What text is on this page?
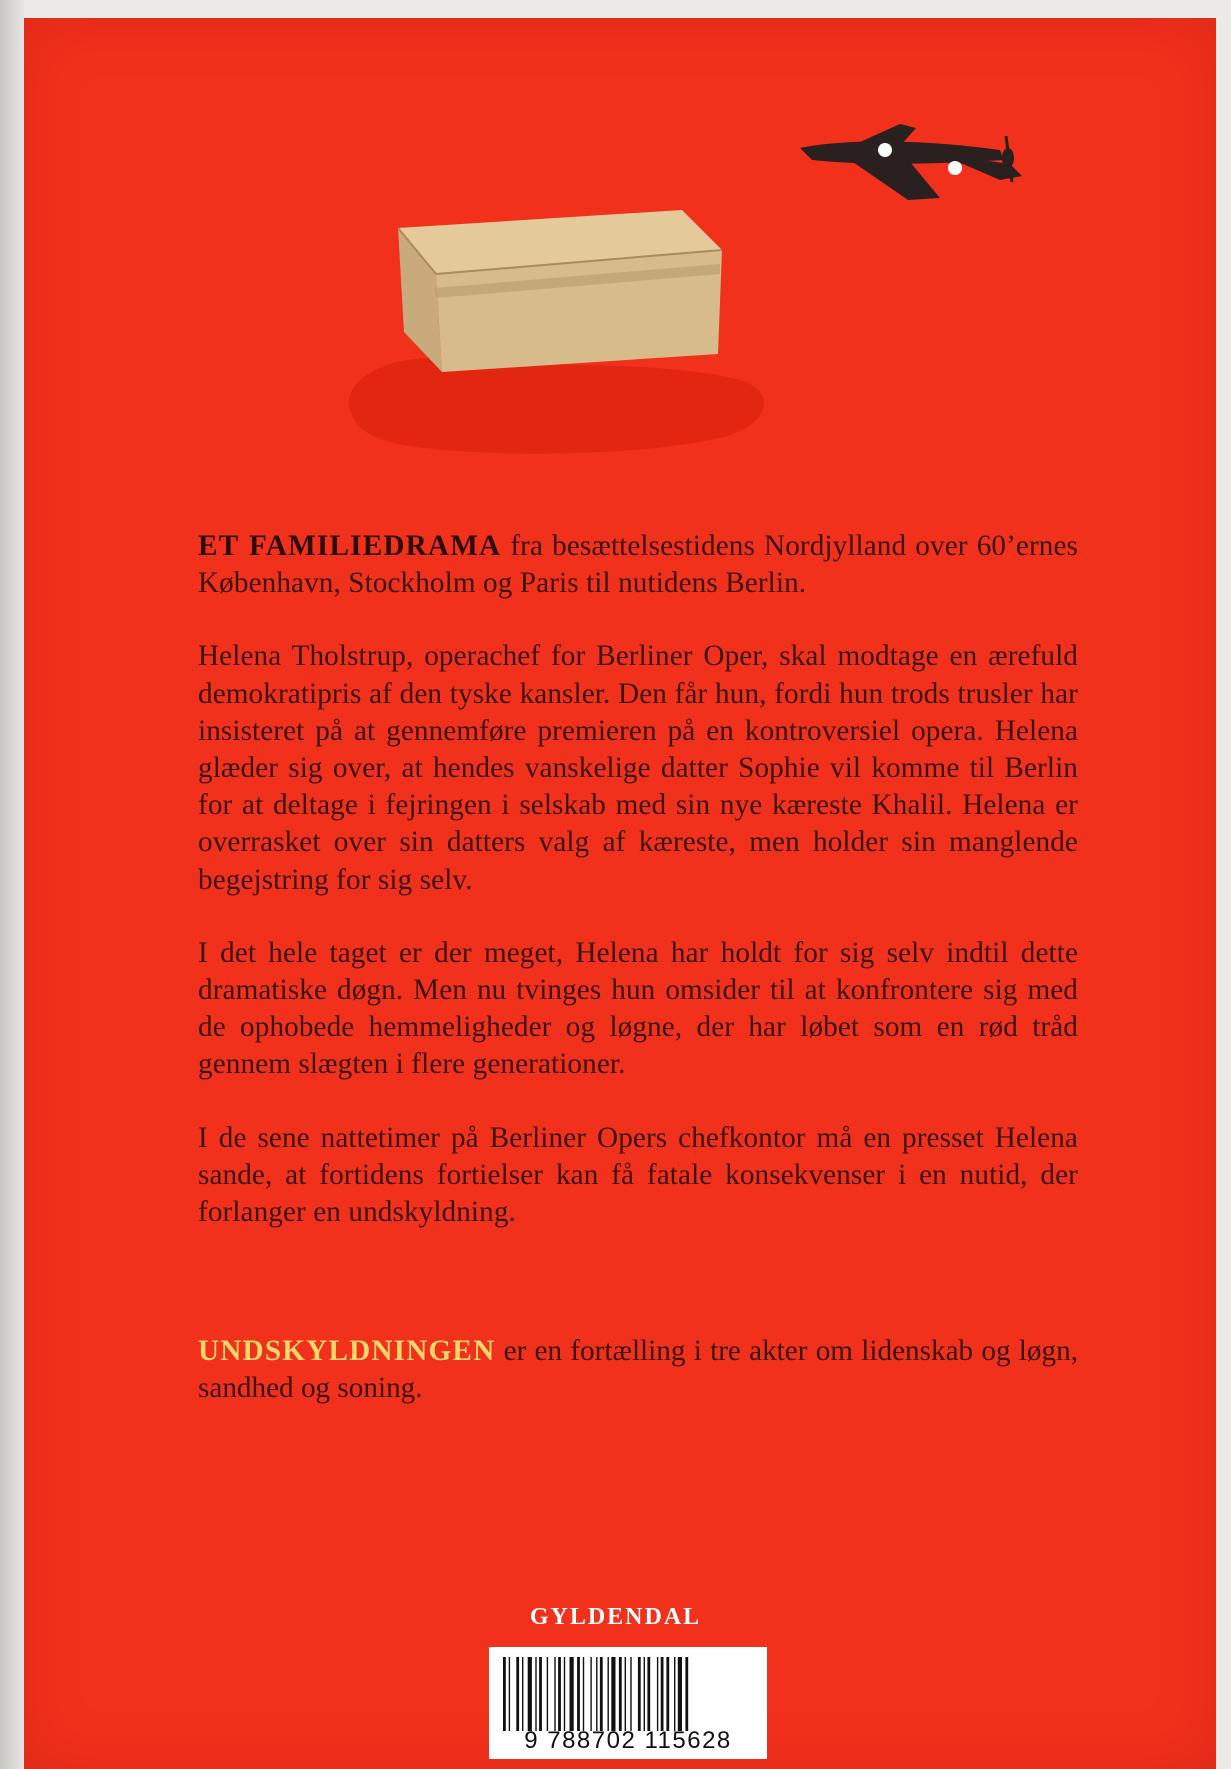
ET FAMILIEDRAMA fra besættelsestidens Nordjylland over 60’ernes København, Stockholm og Paris til nutidens Berlin.

Helena Tholstrup, operachef for Berliner Oper, skal modtage en ærefuld demokratipris af den tyske kansler. Den får hun, fordi hun trods trusler har insisteret på at gennemføre premieren på en kontroversiel opera. Helena glæder sig over, at hendes vanskelige datter Sophie vil komme til Berlin for at deltage i fejringen i selskab med sin nye kæreste Khalil. Helena er overrasket over sin datters valg af kæreste, men holder sin manglende begejstring for sig selv.

I det hele taget er der meget, Helena har holdt for sig selv indtil dette dramatiske døgn. Men nu tvinges hun omsider til at konfrontere sig med de ophobede hemmeligheder og løgne, der har løbet som en rød tråd gennem slægten i flere generationer.

I de sene nattetimer på Berliner Opers chefkontor må en presset Helena sande, at fortidens fortielser kan få fatale konsekvenser i en nutid, der forlanger en undskyldning.

UNDSKYLDNINGEN er en fortælling i tre akter om lidenskab og løgn, sandhed og soning.

GYLDENDAL
9 788702 115628
